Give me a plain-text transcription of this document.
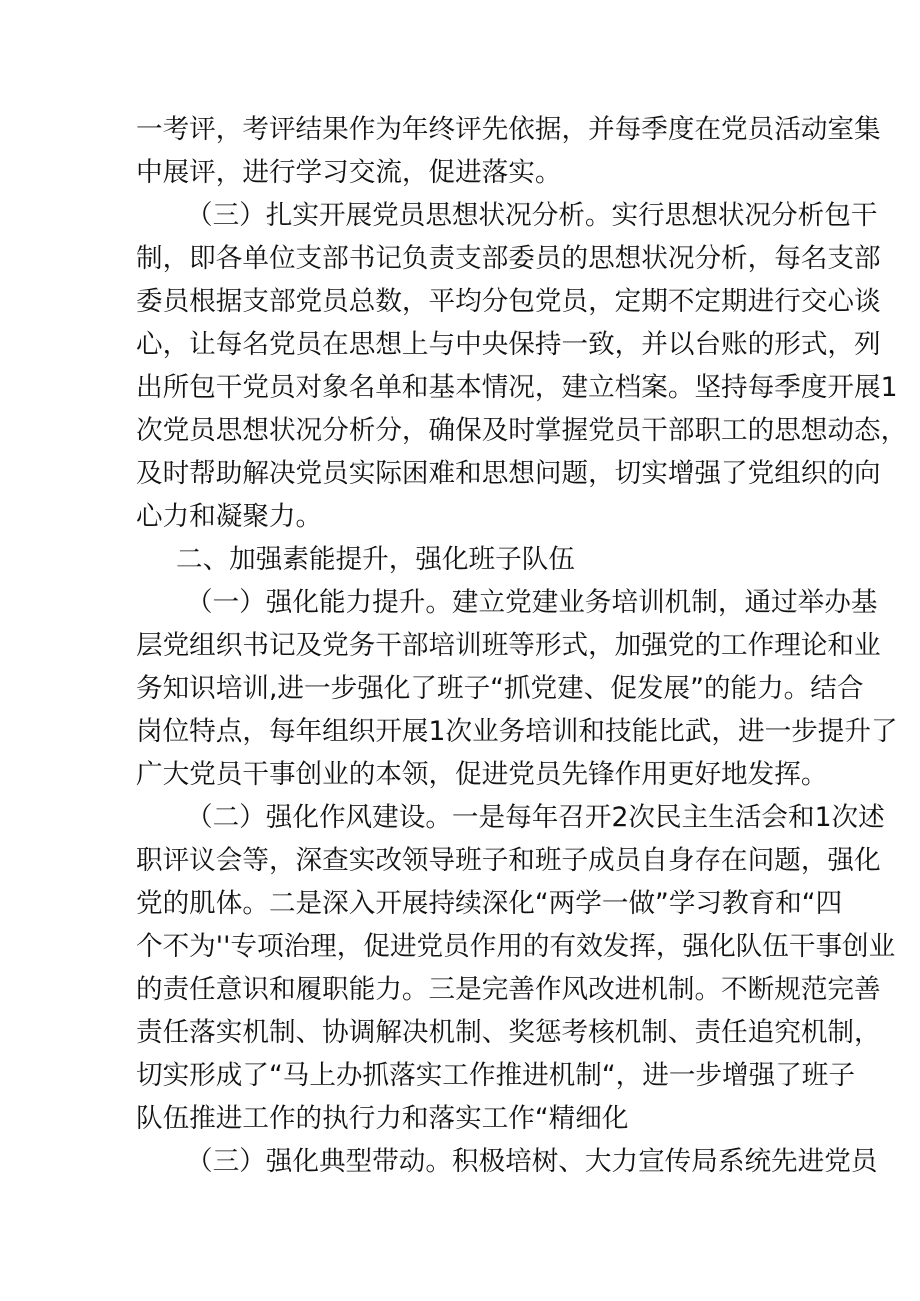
一考评，考评结果作为年终评先依据，并每季度在党员活动室集
中展评，进行学习交流，促进落实。
（三）扎实开展党员思想状况分析。实行思想状况分析包干
制，即各单位支部书记负责支部委员的思想状况分析，每名支部
委员根据支部党员总数，平均分包党员，定期不定期进行交心谈
心，让每名党员在思想上与中央保持一致，并以台账的形式，列
出所包干党员对象名单和基本情况，建立档案。坚持每季度开展1
次党员思想状况分析分，确保及时掌握党员干部职工的思想动态，
及时帮助解决党员实际困难和思想问题，切实增强了党组织的向
心力和凝聚力。
二、加强素能提升，强化班子队伍
（一）强化能力提升。建立党建业务培训机制，通过举办基
层党组织书记及党务干部培训班等形式，加强党的工作理论和业
务知识培训,进一步强化了班子“抓党建、促发展”的能力。结合
岗位特点，每年组织开展1次业务培训和技能比武，进一步提升了
广大党员干事创业的本领，促进党员先锋作用更好地发挥。
（二）强化作风建设。一是每年召开2次民主生活会和1次述
职评议会等，深查实改领导班子和班子成员自身存在问题，强化
党的肌体。二是深入开展持续深化“两学一做”学习教育和“四
个不为''专项治理，促进党员作用的有效发挥，强化队伍干事创业
的责任意识和履职能力。三是完善作风改进机制。不断规范完善
责任落实机制、协调解决机制、奖惩考核机制、责任追究机制，
切实形成了“马上办抓落实工作推进机制“，进一步增强了班子
队伍推进工作的执行力和落实工作“精细化
（三）强化典型带动。积极培树、大力宣传局系统先进党员
